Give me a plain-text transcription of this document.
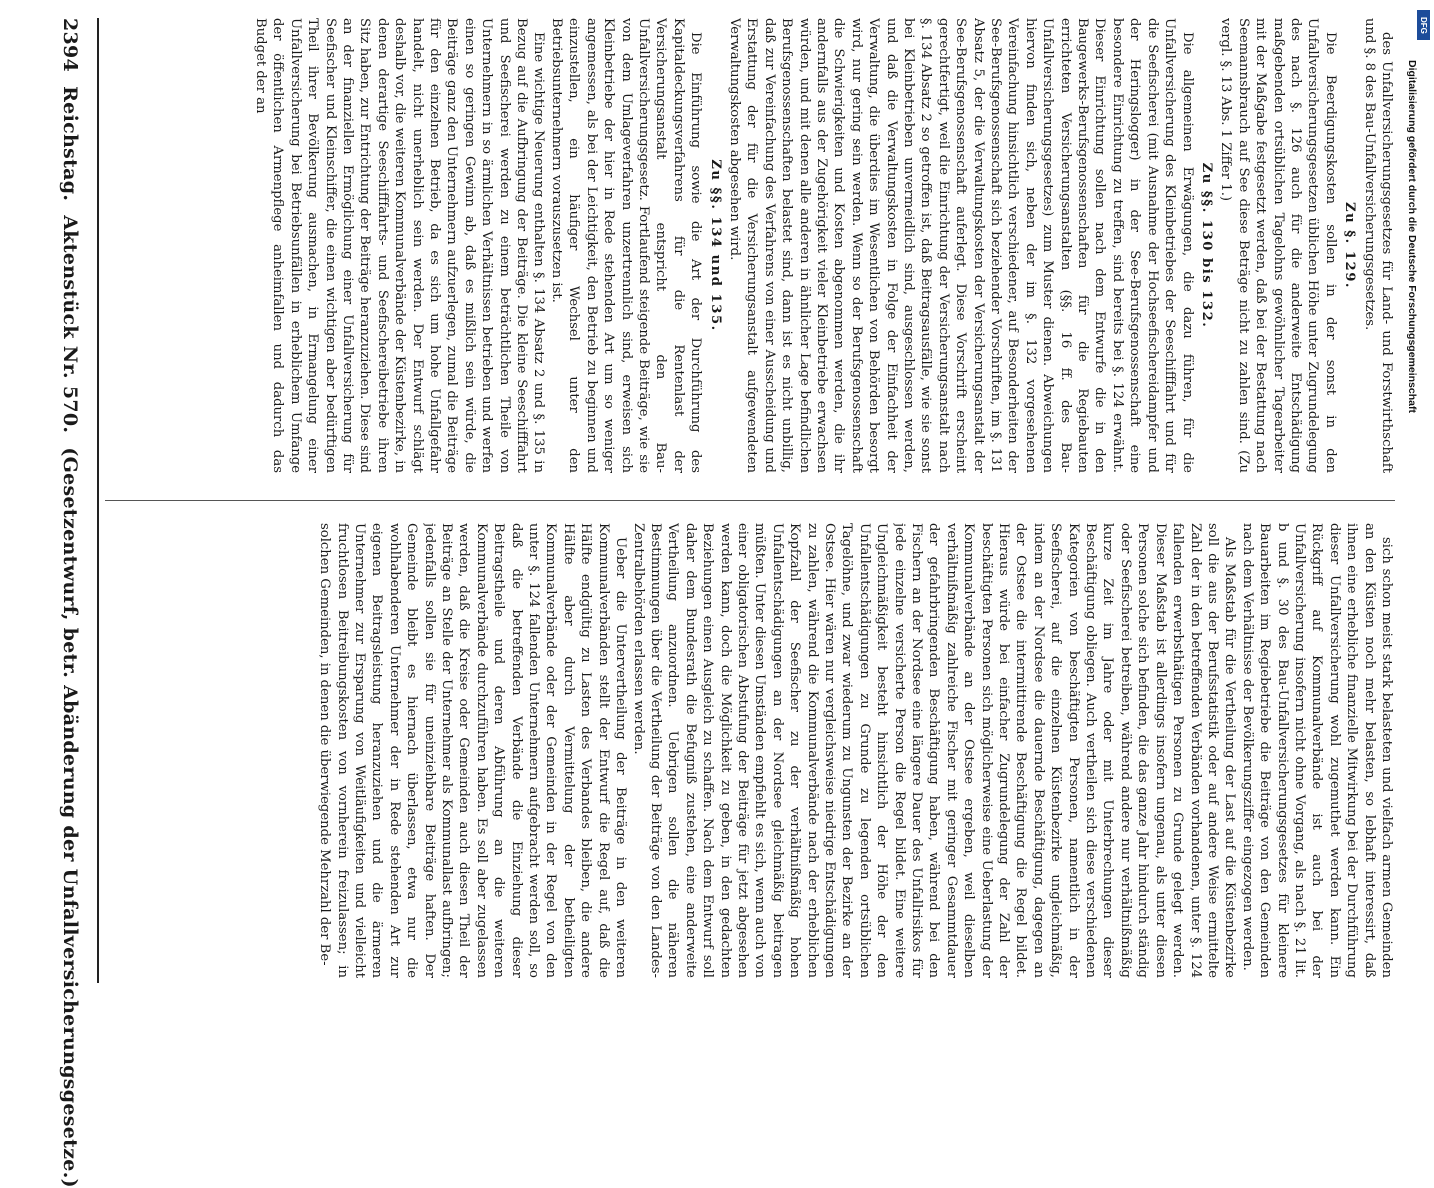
des Unfallversicherungsgesetzes für Land- und Forstwirthschaft und §. 8 des Bau-Unfallversicherungsgesetzes.

Zu §. 129.

Die Beerdigungskosten sollen in der sonst in den Unfallversicherungsgesetzen üblichen Höhe unter Zugrundelegung des nach §. 126 auch für die anderweite Entschädigung maßgebenden ortsüblichen Tagelohns gewöhnlicher Tagearbeiter mit der Maßgabe festgesetzt werden, daß bei der Bestattung nach Seemannsbrauch auf See diese Beträge nicht zu zahlen sind. (Zu vergl. §. 13 Abs. 1 Ziffer 1.)

Zu §§. 130 bis 132.

Die allgemeinen Erwägungen, die dazu führen, für die Unfallversicherung des Kleinbetriebes der Seeschifffahrt und für die Seefischerei (mit Ausnahme der Hochseefischereidampfer und der Heringslogger) in der See-Berufsgenossenschaft eine besondere Einrichtung zu treffen, sind bereits bei §. 124 erwähnt. Dieser Einrichtung sollen nach dem Entwurfe die in den Baugewerks-Berufsgenossenschaften für die Regiebauten errichteten Versicherungsanstalten (§§. 16 ff. des Bau-Unfallversicherungsgesetzes) zum Muster dienen. Abweichungen hiervon finden sich, neben der im §. 132 vorgesehenen Vereinfachung hinsichtlich verschiedener, auf Besonderheiten der See-Berufsgenossenschaft sich beziehender Vorschriften, im §. 131 Absatz 5, der die Verwaltungskosten der Versicherungsanstalt der See-Berufsgenossenschaft auferlegt. Diese Vorschrift erscheint gerechtfertigt, weil die Einrichtung der Versicherungsanstalt nach §. 134 Absatz 2 so getroffen ist, daß Beitragsausfälle, wie sie sonst bei Kleinbetrieben unvermeidlich sind, ausgeschlossen werden, und daß die Verwaltungskosten in Folge der Einfachheit der Verwaltung, die überdies im Wesentlichen von Behörden besorgt wird, nur gering sein werden. Wenn so der Berufsgenossenschaft die Schwierigkeiten und Kosten abgenommen werden, die ihr andernfalls aus der Zugehörigkeit vieler Kleinbetriebe erwachsen würden, und mit denen alle anderen in ähnlicher Lage befindlichen Berufsgenossenschaften belastet sind, dann ist es nicht unbillig, daß zur Vereinfachung des Verfahrens von einer Ausscheidung und Erstattung der für die Versicherungsanstalt aufgewendeten Verwaltungskosten abgesehen wird.

Zu §§. 134 und 135.

Die Einführung sowie die Art der Durchführung des Kapitaldeckungsverfahrens für die Rentenlast der Versicherungsanstalt entspricht den Bau-Unfallversicherungsgesetz. Fortlaufend steigende Beiträge, wie sie von dem Umlageverfahren unzertrennlich sind, erweisen sich Kleinbetriebe der hier in Rede stehenden Art um so weniger angemessen, als bei der Leichtigkeit, den Betrieb zu beginnen und einzustellen, ein häufiger Wechsel unter den Betriebsunternehmern vorauszusetzen ist.

Eine wichtige Neuerung enthalten §. 134 Absatz 2 und §. 135 in Bezug auf die Aufbringung der Beiträge. Die kleine Seeschifffahrt und Seefischerei werden zu einem beträchtlichen Theile von Unternehmern in so ärmlichen Verhältnissen betrieben und werfen einen so geringen Gewinn ab, daß es mißlich sein würde, die Beiträge ganz den Unternehmern aufzuerlegen, zumal die Beiträge für den einzelnen Betrieb, da es sich um hohe Unfallgefahr handelt, nicht unerheblich sein werden. Der Entwurf schlägt deshalb vor, die weiteren Kommunalverbände der Küstenbezirke, in denen derartige Seeschifffahrts- und Seefischereibetriebe ihren Sitz haben, zur Entrichtung der Beiträge heranzuziehen. Diese sind an der finanziellen Ermöglichung einer Unfallversicherung für Seefischer und Kleinschiffer, die einen wichtigen aber bedürftigen Theil ihrer Bevölkerung ausmachen, in Ermangelung einer Unfallversicherung bei Betriebsunfällen in erheblichem Umfange der öffentlichen Armenpflege anheimfallen und dadurch das Budget der an

sich schon meist stark belasteten und vielfach armen Gemeinden an den Küsten noch mehr belasten, so lebhaft interessirt, daß ihnen eine erhebliche finanzielle Mitwirkung bei der Durchführung dieser Unfallversicherung wohl zugemuthet werden kann. Ein Rückgriff auf Kommunalverbände ist auch bei der Unfallversicherung insofern nicht ohne Vorgang, als nach §. 21 lit. b und §. 30 des Bau-Unfallversicherungsgesetzes für kleinere Bauarbeiten im Regiebetriebe die Beiträge von den Gemeinden nach dem Verhältnisse der Bevölkerungsziffer eingezogen werden.

Als Maßstab für die Vertheilung der Last auf die Küstenbezirke soll die aus der Berufsstatistik oder auf andere Weise ermittelte Zahl der in den betreffenden Verbänden vorhandenen, unter §. 124 fallenden erwerbsthätigen Personen zu Grunde gelegt werden. Dieser Maßstab ist allerdings insofern ungenau, als unter diesen Personen solche sich befinden, die das ganze Jahr hindurch ständig oder Seefischerei betreiben, während andere nur verhältnißmäßig kurze Zeit im Jahre oder mit Unterbrechungen dieser Beschäftigung obliegen. Auch vertheilen sich diese verschiedenen Kategorien von beschäftigten Personen, namentlich in der Seefischerei, auf die einzelnen Küstenbezirke ungleichmäßig, indem an der Nordsee die dauernde Beschäftigung, dagegen an der Ostsee die intermittirende Beschäftigung die Regel bildet. Hieraus würde bei einfacher Zugrundelegung der Zahl der beschäftigten Personen sich möglicherweise eine Ueberlastung der Kommunalverbände an der Ostsee ergeben, weil dieselben verhältnißmäßig zahlreiche Fischer mit geringer Gesammtdauer der gefahrbringenden Beschäftigung haben, während bei den Fischern an der Nordsee eine längere Dauer des Unfallrisikos für jede einzelne versicherte Person die Regel bildet. Eine weitere Ungleichmäßigkeit besteht hinsichtlich der Höhe der den Unfallentschädigungen zu Grunde zu legenden ortsüblichen Tagelöhne, und zwar wiederum zu Ungunsten der Bezirke an der Ostsee. Hier wären nur vergleichsweise niedrige Entschädigungen zu zahlen, während die Kommunalverbände nach der erheblichen Kopfzahl der Seefischer zu der verhältnißmäßig hohen Unfallentschädigungen an der Nordsee gleichmäßig beitragen müßten. Unter diesen Umständen empfiehlt es sich, wenn auch von einer obligatorischen Abstufung der Beiträge für jetzt abgesehen werden kann, doch die Möglichkeit zu geben, in den gedachten Beziehungen einen Ausgleich zu schaffen. Nach dem Entwurf soll daher dem Bundesrath die Befugniß zustehen, eine anderweite Vertheilung anzuordnen. Uebrigen sollen die näheren Bestimmungen über die Vertheilung der Beiträge von den Landes-Zentralbehörden erlassen werden.

Ueber die Untervertheilung der Beiträge in den weiteren Kommunalverbänden stellt der Entwurf die Regel auf, daß die Hälfte endgültig zu Lasten des Verbandes bleiben, die andere Hälfte aber durch Vermittelung der betheiligten Kommunalverbände oder der Gemeinden in der Regel von den unter §. 124 fallenden Unternehmern aufgebracht werden soll, so daß die betreffenden Verbände die Einziehung dieser Beitragstheile und deren Abführung an die weiteren Kommunalverbände durchzuführen haben. Es soll aber zugelassen werden, daß die Kreise oder Gemeinden auch diesen Theil der Beiträge an Stelle der Unternehmer als Kommunallast aufbringen; jedenfalls sollen sie für uneinziehbare Beiträge haften. Der Gemeinde bleibt es hiernach überlassen, etwa nur die wohlhabenderen Unternehmer der in Rede stehenden Art zur eigenen Beitragsleistung heranzuziehen und die ärmeren Unternehmer zur Ersparung von Weitläufigkeiten und vielleicht fruchtlosen Beitreibungskosten von vornherein freizulassen; in solchen Gemeinden, in denen die überwiegende Mehrzahl der Be-

2394
Reichstag.
Aktenstück Nr. 570.
(Gesetzentwurf, betr. Abänderung der Unfallversicherungsgesetze.)
DFG
Digitalisierung gefördert durch die Deutsche Forschungsgemeinschaft
